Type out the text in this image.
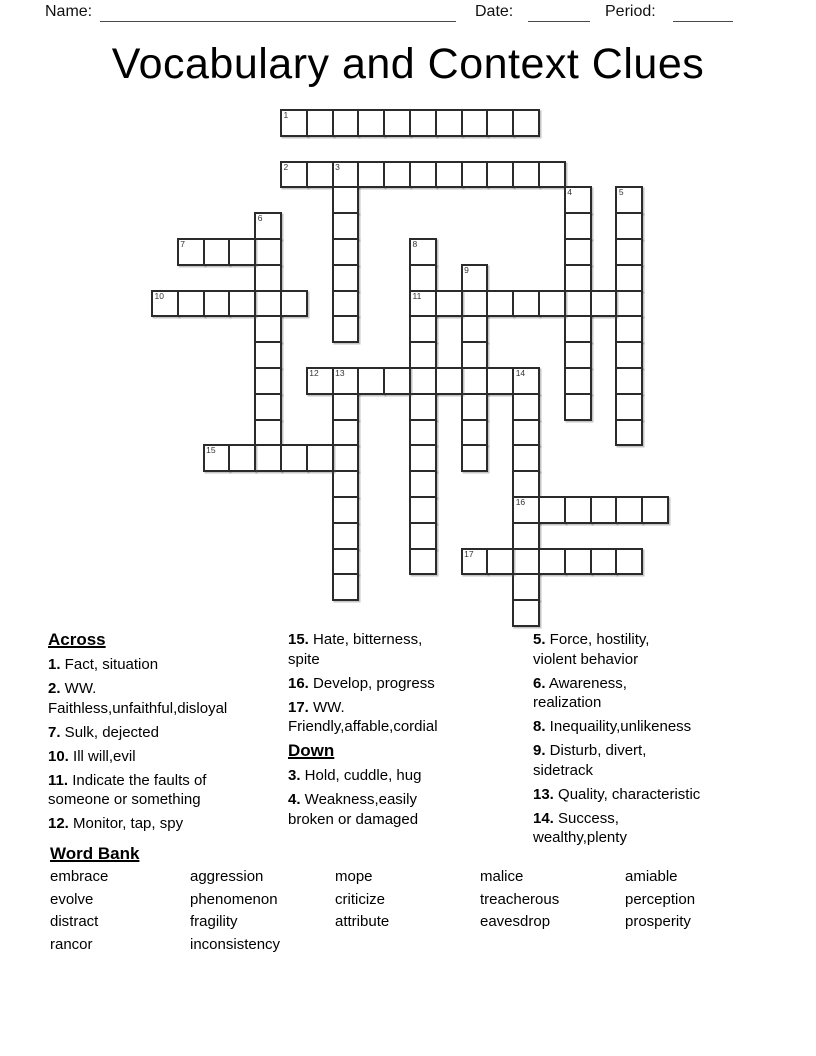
Name:	Date:	Period:
Vocabulary and Context Clues
1
2	3
4	5
6
7	8
11
9
10
12 13	14
16
15
17
Across
1. Fact, situation
2. WW.
Faithless,unfaithful,disloyal
7. Sulk, dejected
10. Ill will,evil
11. Indicate the faults of
someone or something
12. Monitor, tap, spy
15. Hate, bitterness,
spite
16. Develop, progress
17. WW.
Friendly,affable,cordial
Down
3. Hold, cuddle, hug
4. Weakness,easily
broken or damaged
5. Force, hostility,
violent behavior
6. Awareness,
realization
8. Inequaility,unlikeness
9. Disturb, divert,
sidetrack
13. Quality, characteristic
14. Success,
wealthy,plenty
Word Bank
embrace
evolve
distract
rancor
aggression
phenomenon
fragility
inconsistency
mope
criticize
attribute
malice
treacherous
eavesdrop
amiable
perception
prosperity
